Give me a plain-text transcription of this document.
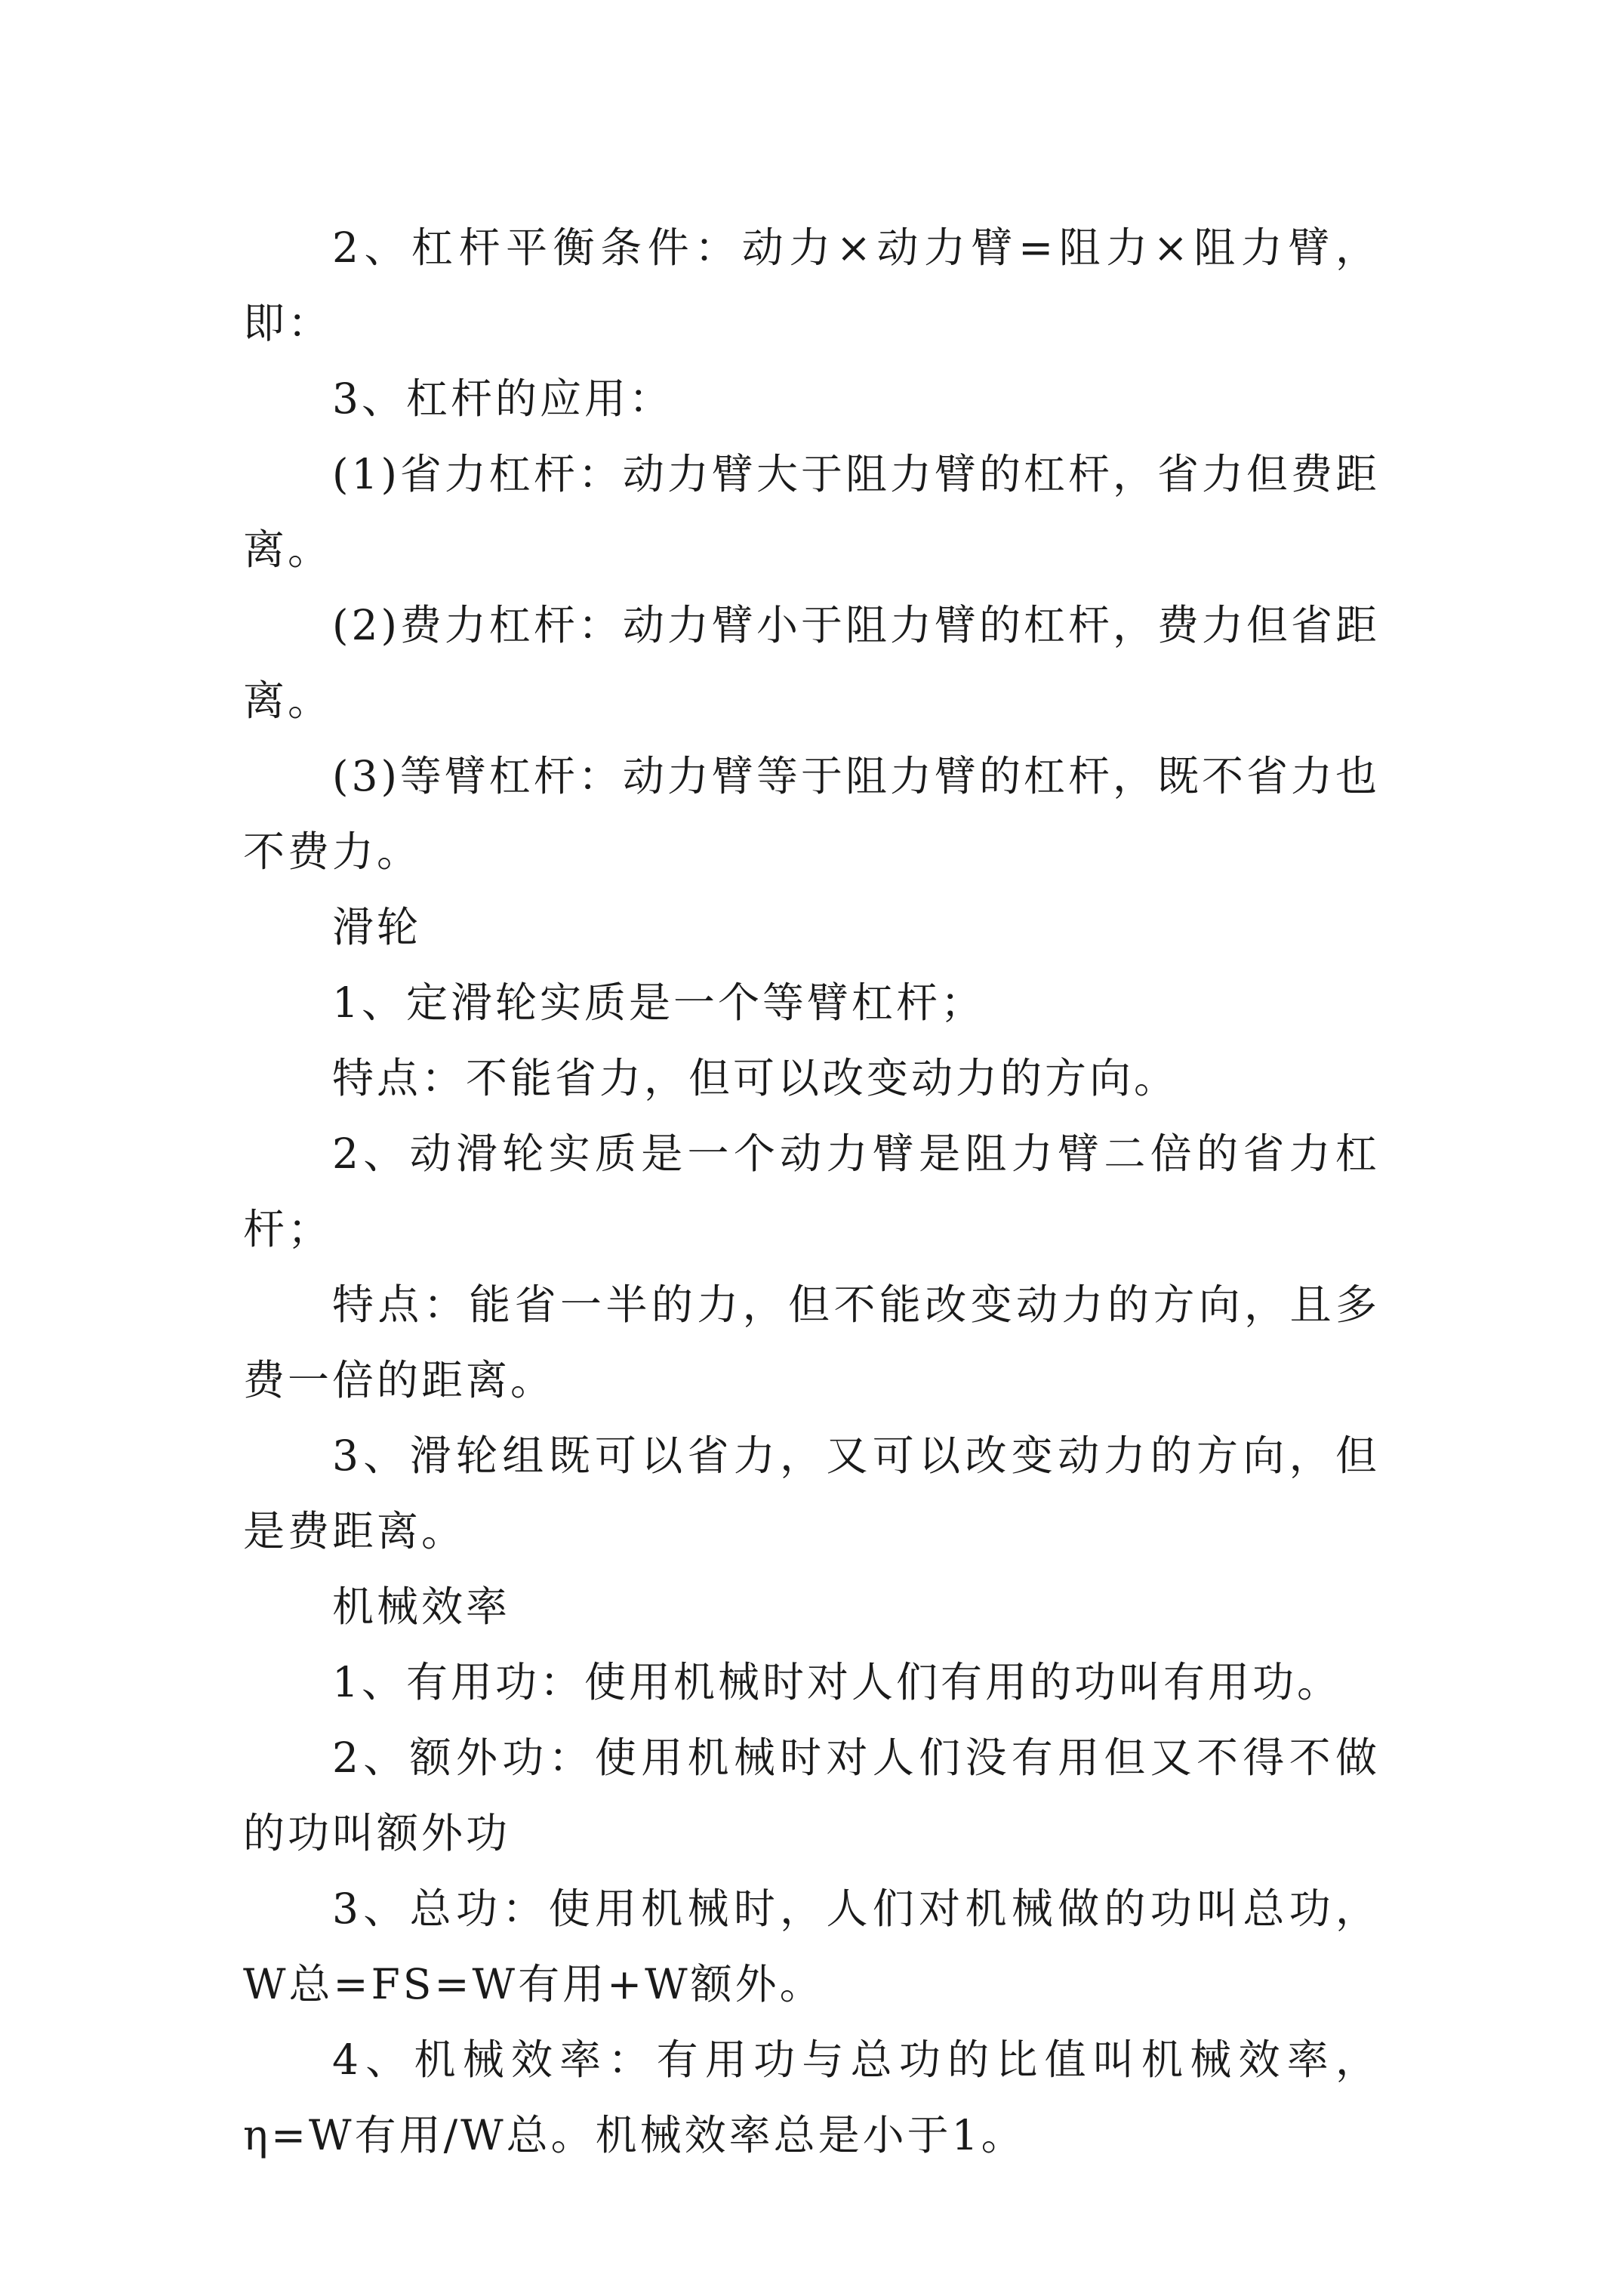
2、杠杆平衡条件：动力×动力臂=阻力×阻力臂，即：

3、杠杆的应用：

(1)省力杠杆：动力臂大于阻力臂的杠杆，省力但费距离。

(2)费力杠杆：动力臂小于阻力臂的杠杆，费力但省距离。

(3)等臂杠杆：动力臂等于阻力臂的杠杆，既不省力也不费力。

滑轮

1、定滑轮实质是一个等臂杠杆；

特点：不能省力，但可以改变动力的方向。

2、动滑轮实质是一个动力臂是阻力臂二倍的省力杠杆；

特点：能省一半的力，但不能改变动力的方向，且多费一倍的距离。

3、滑轮组既可以省力，又可以改变动力的方向，但是费距离。

机械效率

1、有用功：使用机械时对人们有用的功叫有用功。

2、额外功：使用机械时对人们没有用但又不得不做的功叫额外功

3、总功：使用机械时，人们对机械做的功叫总功，W总=FS=W有用+W额外。

4、机械效率：有用功与总功的比值叫机械效率，η=W有用/W总。机械效率总是小于1。
